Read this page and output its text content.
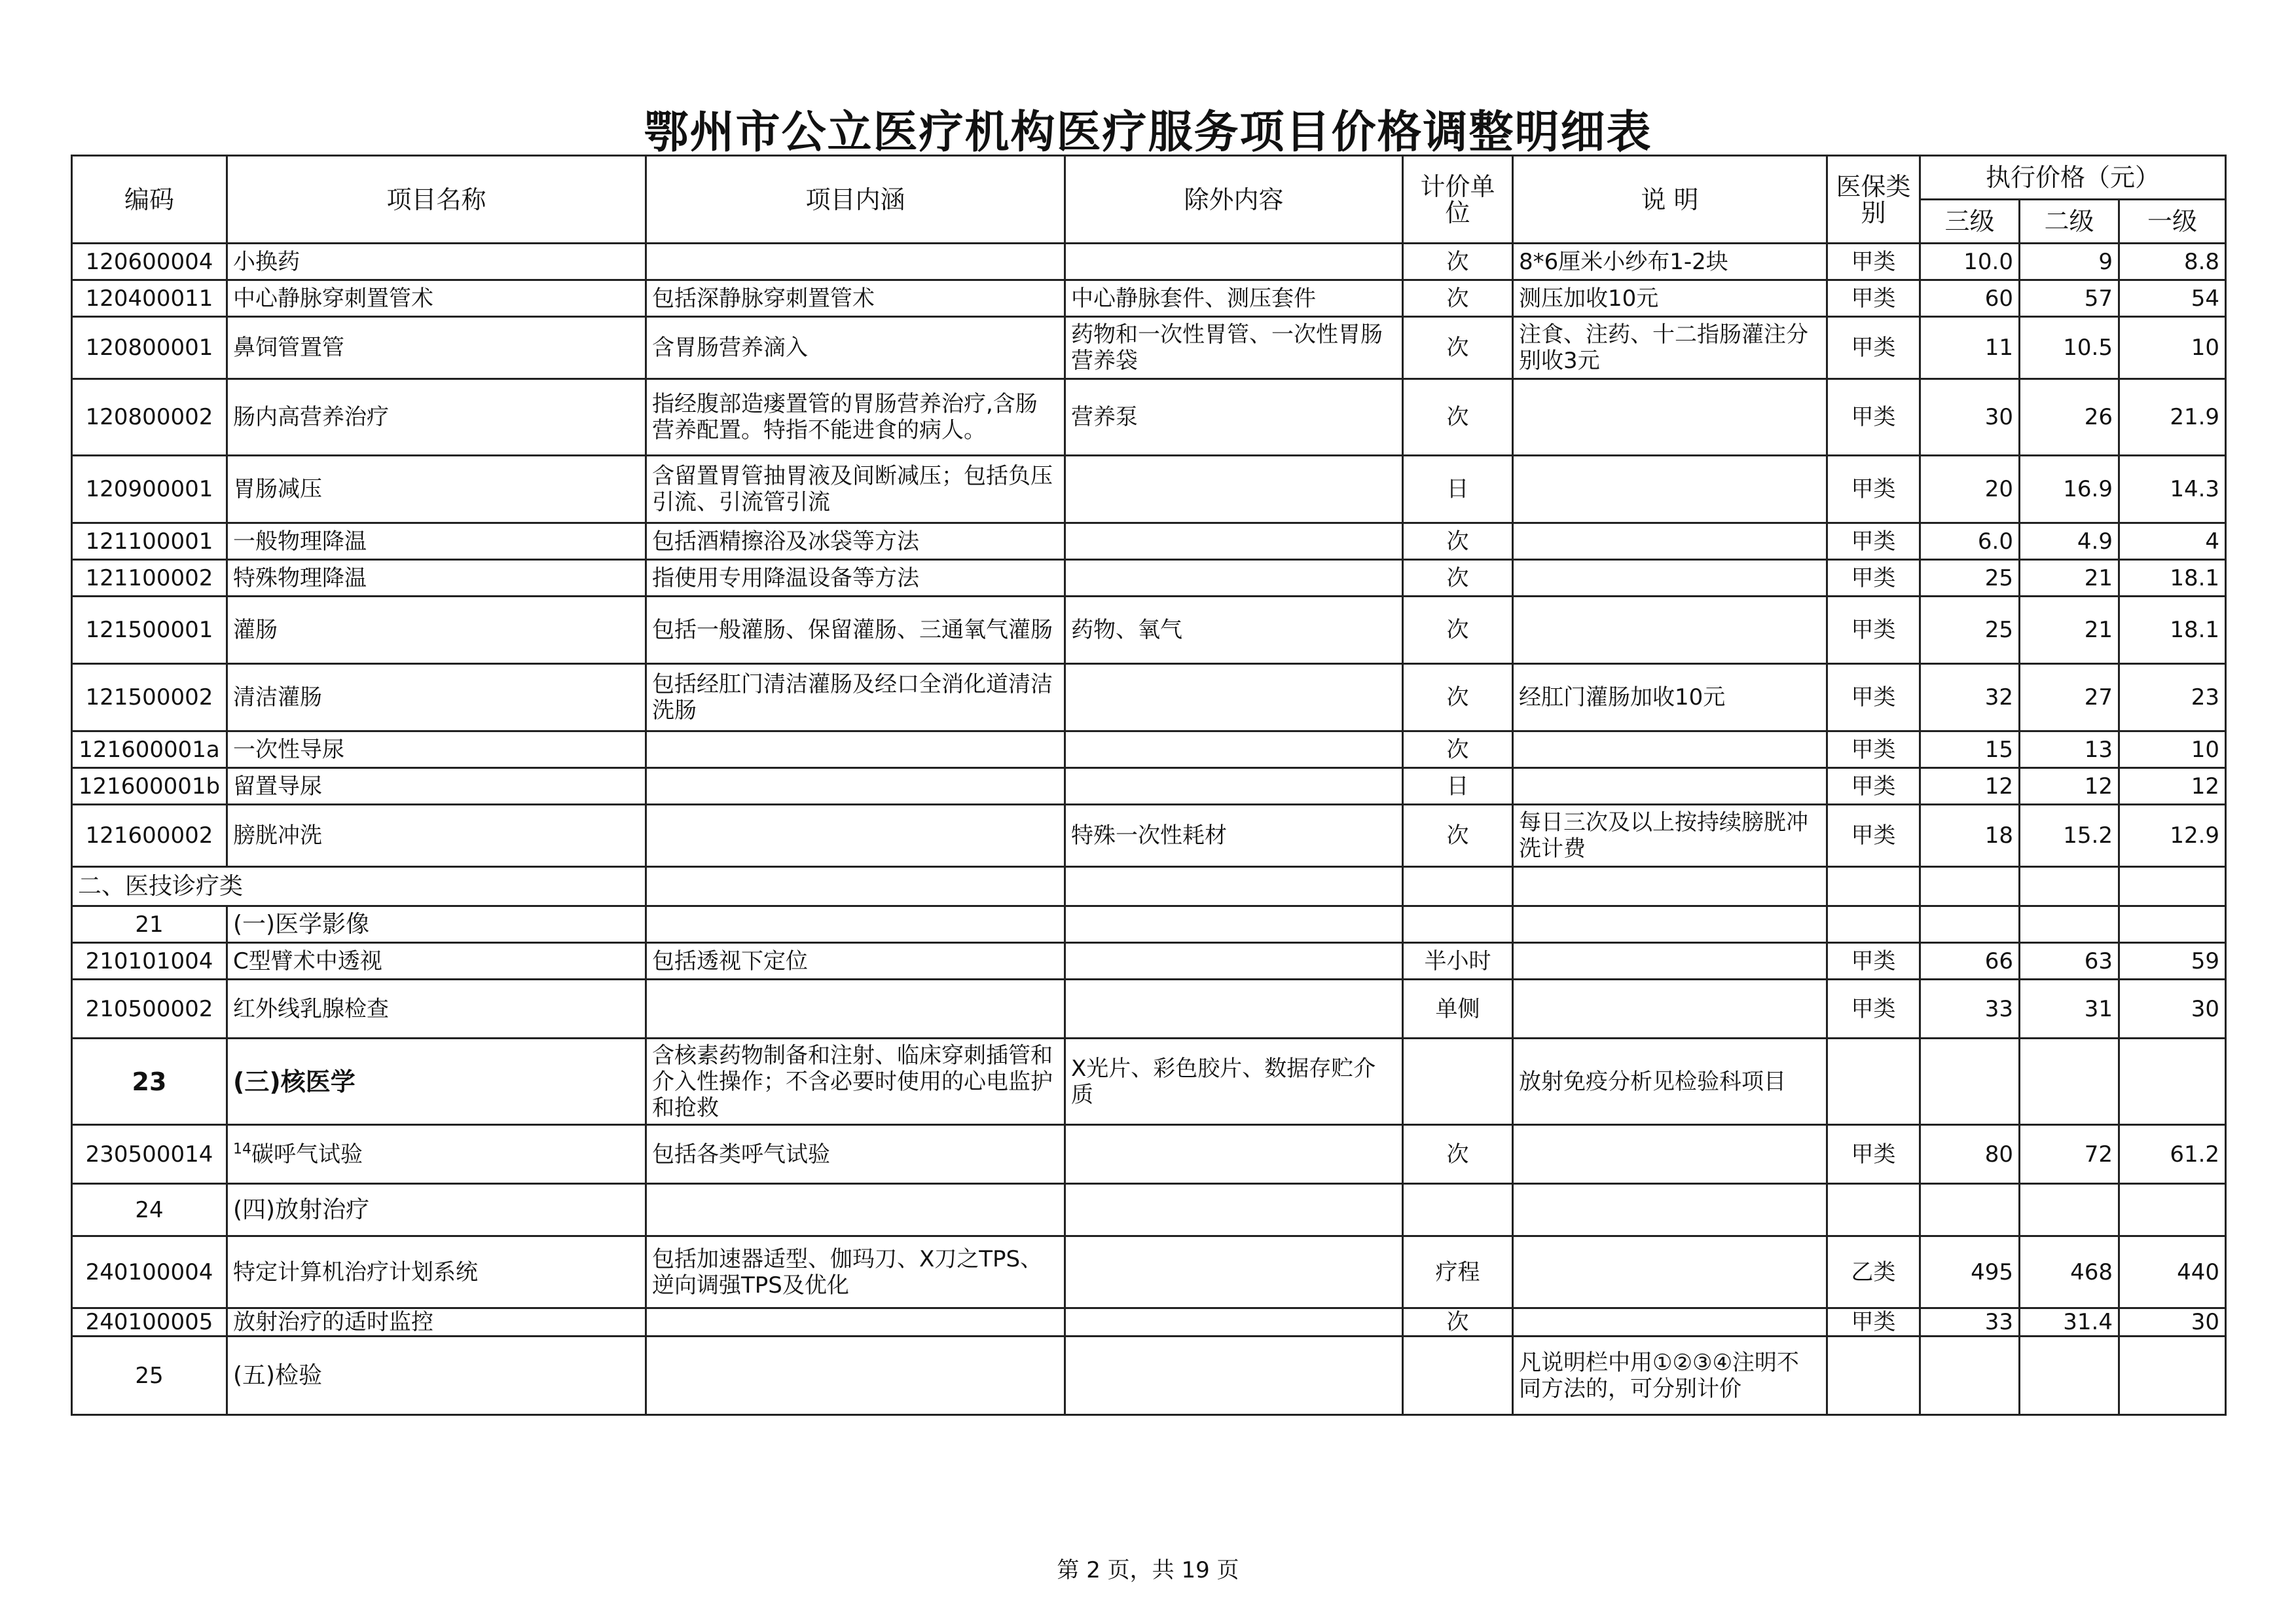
鄂州市公立医疗机构医疗服务项目价格调整明细表
编码	项目名称	项目内涵	除外内容	计价单位	说 明	医保类别	执行价格（元）		
							三级	二级	一级
120600004	小换药			次	8*6厘米小纱布1-2块	甲类	10.0	9	8.8
120400011	中心静脉穿刺置管术	包括深静脉穿刺置管术	中心静脉套件、测压套件	次	测压加收10元	甲类	60	57	54
120800001	鼻饲管置管	含胃肠营养滴入	药物和一次性胃管、一次性胃肠营养袋	次	注食、注药、十二指肠灌注分别收3元	甲类	11	10.5	10
120800002	肠内高营养治疗	指经腹部造瘘置管的胃肠营养治疗,含肠营养配置。特指不能进食的病人。	营养泵	次		甲类	30	26	21.9
120900001	胃肠减压	含留置胃管抽胃液及间断减压；包括负压引流、引流管引流		日		甲类	20	16.9	14.3
121100001	一般物理降温	包括酒精擦浴及冰袋等方法		次		甲类	6.0	4.9	4
121100002	特殊物理降温	指使用专用降温设备等方法		次		甲类	25	21	18.1
121500001	灌肠	包括一般灌肠、保留灌肠、三通氧气灌肠	药物、氧气	次		甲类	25	21	18.1
121500002	清洁灌肠	包括经肛门清洁灌肠及经口全消化道清洁洗肠		次	经肛门灌肠加收10元	甲类	32	27	23
121600001a	一次性导尿			次		甲类	15	13	10
121600001b	留置导尿			日		甲类	12	12	12
121600002	膀胱冲洗		特殊一次性耗材	次	每日三次及以上按持续膀胱冲洗计费	甲类	18	15.2	12.9
二、医技诊疗类									
21	(一)医学影像								
210101004	C型臂术中透视	包括透视下定位		半小时		甲类	66	63	59
210500002	红外线乳腺检查			单侧		甲类	33	31	30
23	(三)核医学	含核素药物制备和注射、临床穿刺插管和介入性操作；不含必要时使用的心电监护和抢救	X光片、彩色胶片、数据存贮介质		放射免疫分析见检验科项目				
230500014	$^{14}$碳呼气试验	包括各类呼气试验		次		甲类	80	72	61.2
24	(四)放射治疗								
240100004	特定计算机治疗计划系统	包括加速器适型、伽玛刀、X刀之TPS、逆向调强TPS及优化		疗程		乙类	495	468	440
240100005	放射治疗的适时监控			次		甲类	33	31.4	30
25	(五)检验				凡说明栏中用①②③④注明不同方法的，可分别计价				
第 2 页，共 19 页
